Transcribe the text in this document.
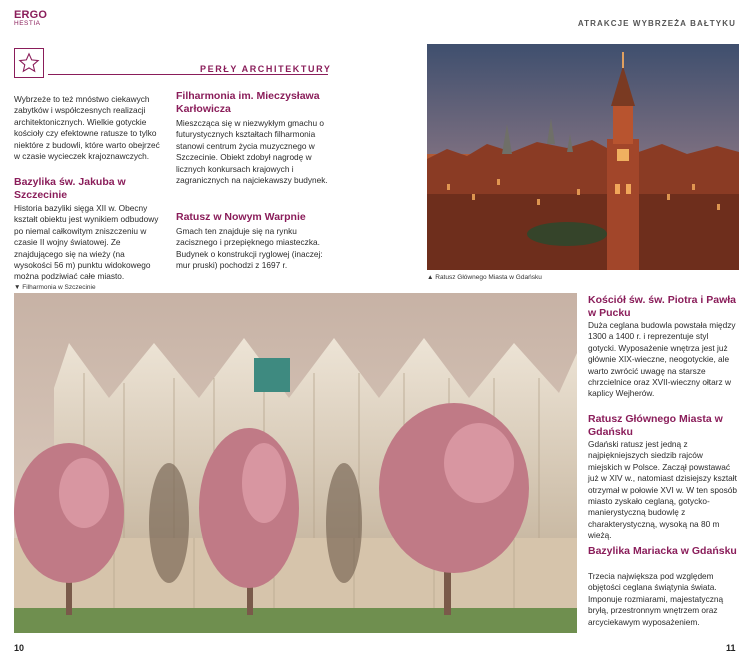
ERGO
HESTIA	ATRAKCJE WYBRZEŻA BAŁTYKU
PERŁY ARCHITEKTURY
Wybrzeże to też mnóstwo ciekawych zabytków i współczesnych realizacji architektonicznych. Wielkie gotyckie kościoły czy efektowne ratusze to tylko niektóre z budowli, które warto obejrzeć w czasie wycieczek krajoznawczych.
Bazylika św. Jakuba w Szczecinie
Historia bazyliki sięga XII w. Obecny kształt obiektu jest wynikiem odbudowy po niemal całkowitym zniszczeniu w czasie II wojny światowej. Ze znajdującego się na wieży (na wysokości 56 m) punktu widokowego można podziwiać całe miasto.
Filharmonia im. Mieczysława Karłowicza
Mieszcząca się w niezwykłym gmachu o futurystycznych kształtach filharmonia stanowi centrum życia muzycznego w Szczecinie. Obiekt zdobył nagrodę w licznych konkursach krajowych i zagranicznych na najciekawszy budynek.
Ratusz w Nowym Warpnie
Gmach ten znajduje się na rynku zacisznego i przepięknego miasteczka. Budynek o konstrukcji ryglowej (inaczej: mur pruski) pochodzi z 1697 r.
▲ Ratusz Głównego Miasta w Gdańsku
▼ Filharmonia w Szczecinie
Kościół św. św. Piotra i Pawła w Pucku
Duża ceglana budowla powstała między 1300 a 1400 r. i reprezentuje styl gotycki. Wyposażenie wnętrza jest już głównie XIX-wieczne, neogotyckie, ale warto zwrócić uwagę na starsze chrzcielnice oraz XVII-wieczny ołtarz w kaplicy Wejherów.
Ratusz Głównego Miasta w Gdańsku
Gdański ratusz jest jedną z najpiękniejszych siedzib rajców miejskich w Polsce. Zaczął powstawać już w XIV w., natomiast dzisiejszy kształt otrzymał w połowie XVI w. W ten sposób miasto zyskało ceglaną, gotycko-manierystyczną budowlę z charakterystyczną, wysoką na 80 m wieżą.
Bazylika Mariacka w Gdańsku
Trzecia największa pod względem objętości ceglana świątynia świata. Imponuje rozmiarami, majestatyczną bryłą, przestronnym wnętrzem oraz arcyciekawym wyposażeniem.
10	11
